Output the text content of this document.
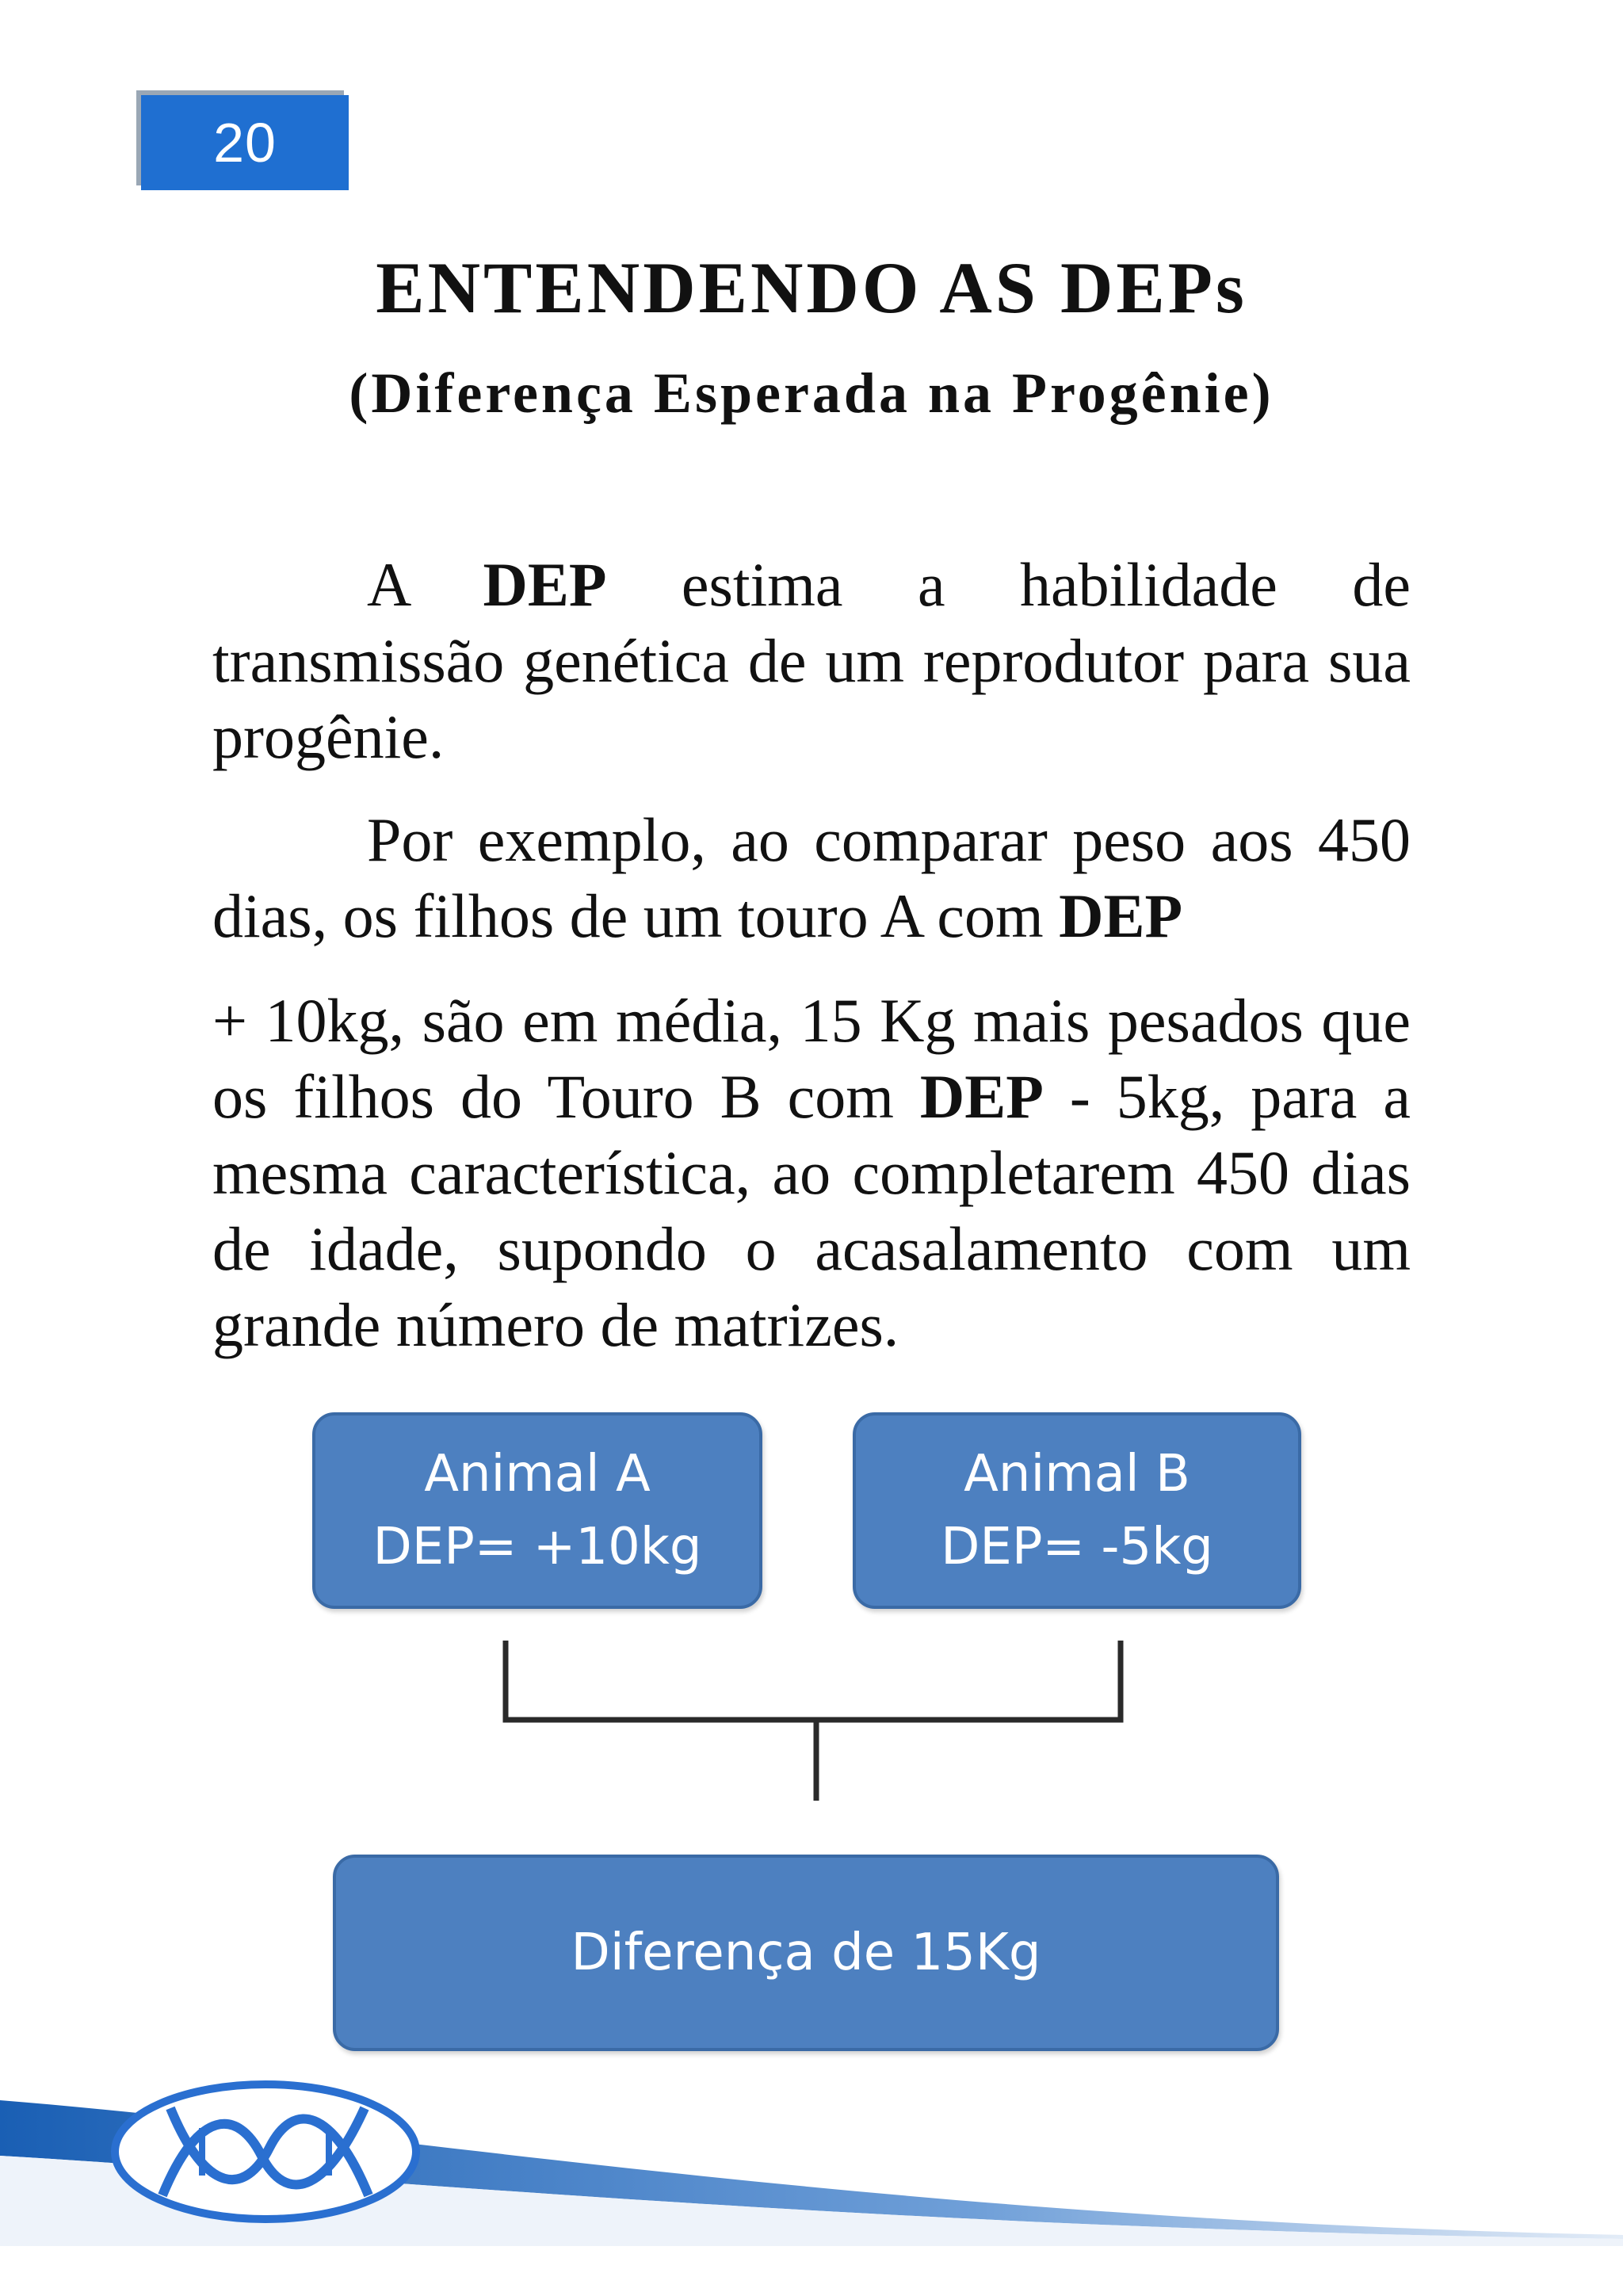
20
ENTENDENDO AS DEPs
(Diferença Esperada na Progênie)
A DEP estima a habilidade de transmissão genética de um reprodutor para sua progênie.
Por exemplo, ao comparar peso aos 450 dias, os filhos de um touro A com DEP
+ 10kg, são em média, 15 Kg mais pesados que os filhos do Touro B com DEP - 5kg, para a mesma característica, ao completarem 450 dias de idade, supondo o acasalamento com um grande número de matrizes.
Animal A
DEP= +10kg
Animal B
DEP= -5kg
Diferença de 15Kg
